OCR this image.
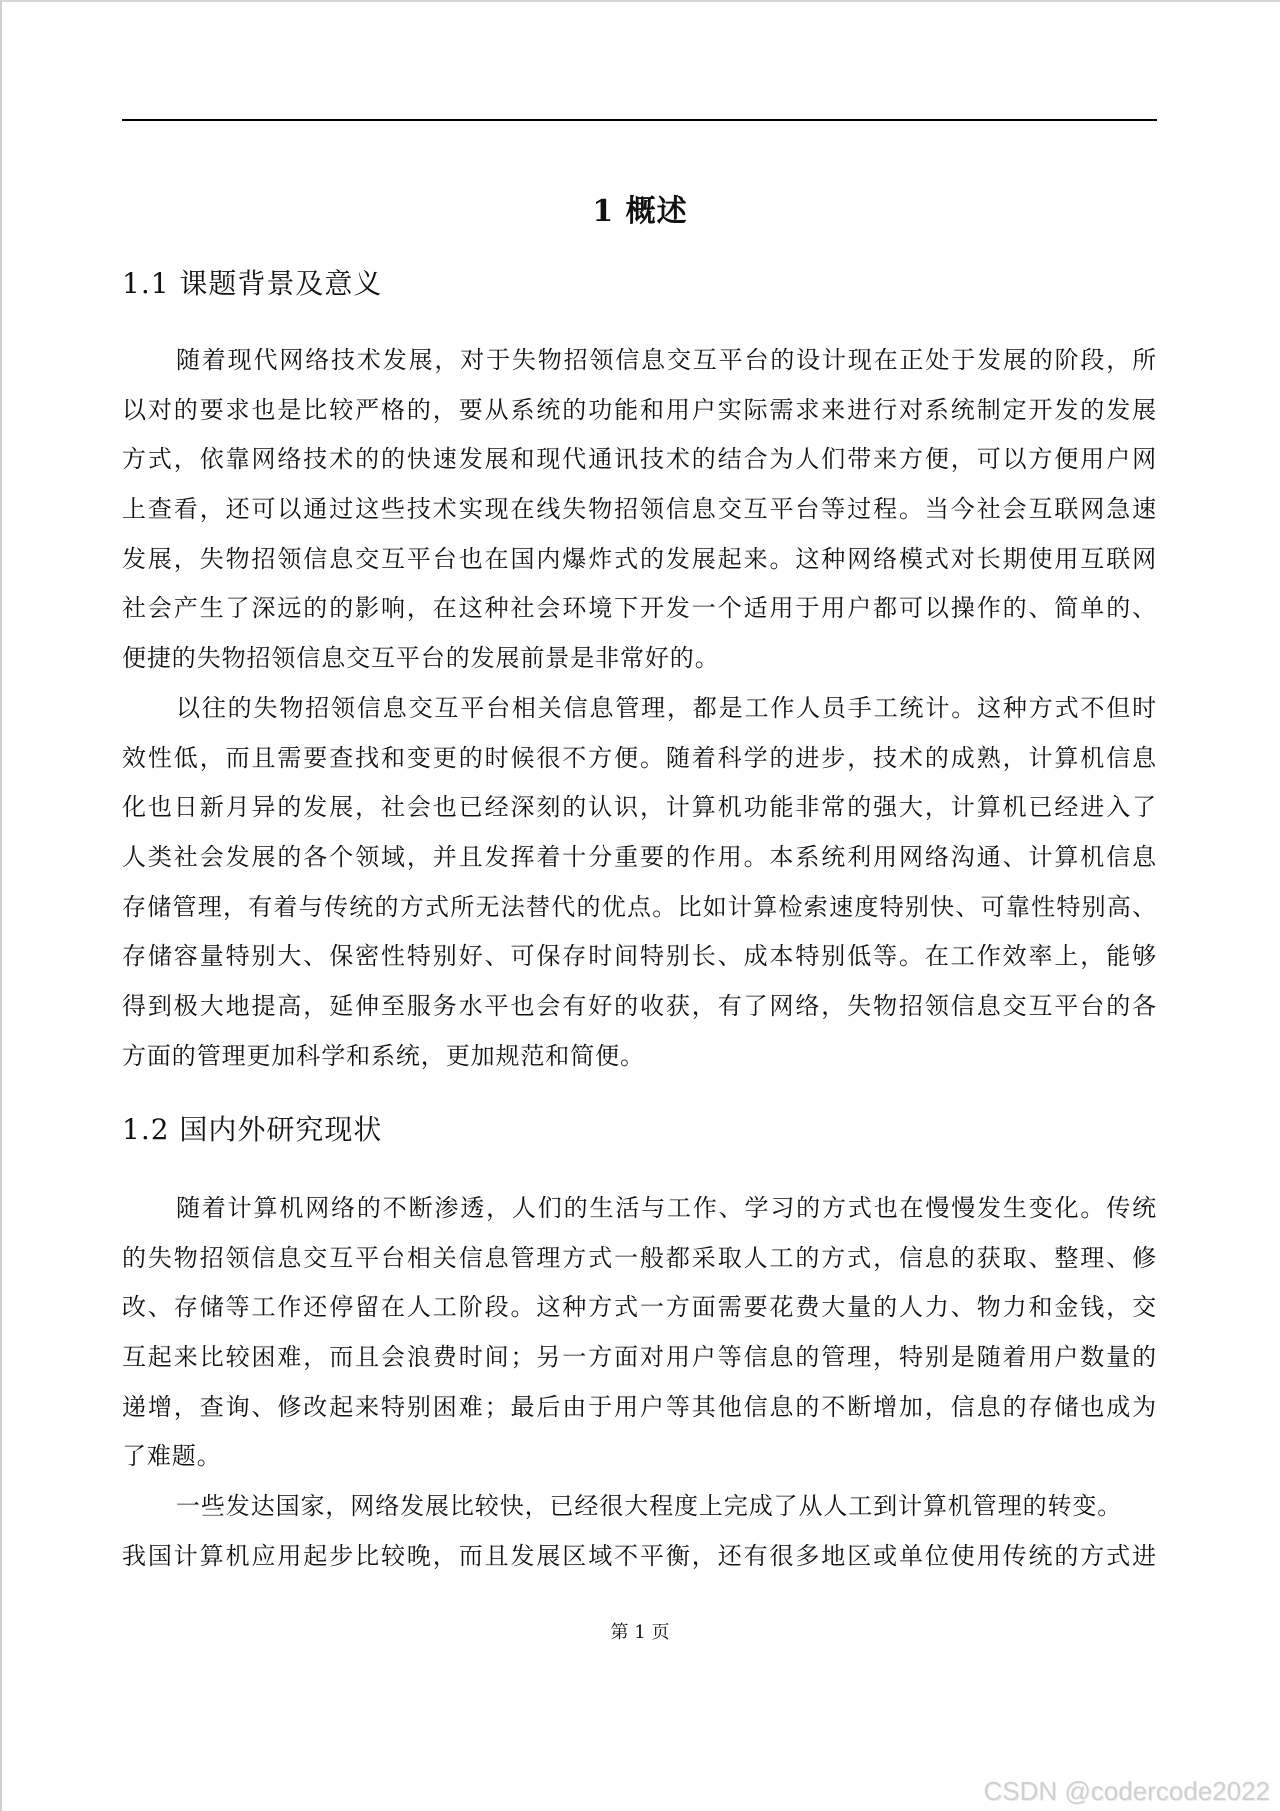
1 概述
1.1 课题背景及意义
随着现代网络技术发展，对于失物招领信息交互平台的设计现在正处于发展的阶段，所
以对的要求也是比较严格的，要从系统的功能和用户实际需求来进行对系统制定开发的发展
方式，依靠网络技术的的快速发展和现代通讯技术的结合为人们带来方便，可以方便用户网
上查看，还可以通过这些技术实现在线失物招领信息交互平台等过程。当今社会互联网急速
发展，失物招领信息交互平台也在国内爆炸式的发展起来。这种网络模式对长期使用互联网
社会产生了深远的的影响，在这种社会环境下开发一个适用于用户都可以操作的、简单的、
便捷的失物招领信息交互平台的发展前景是非常好的。
以往的失物招领信息交互平台相关信息管理，都是工作人员手工统计。这种方式不但时
效性低，而且需要查找和变更的时候很不方便。随着科学的进步，技术的成熟，计算机信息
化也日新月异的发展，社会也已经深刻的认识，计算机功能非常的强大，计算机已经进入了
人类社会发展的各个领域，并且发挥着十分重要的作用。本系统利用网络沟通、计算机信息
存储管理，有着与传统的方式所无法替代的优点。比如计算检索速度特别快、可靠性特别高、
存储容量特别大、保密性特别好、可保存时间特别长、成本特别低等。在工作效率上，能够
得到极大地提高，延伸至服务水平也会有好的收获，有了网络，失物招领信息交互平台的各
方面的管理更加科学和系统，更加规范和简便。
1.2 国内外研究现状
随着计算机网络的不断渗透，人们的生活与工作、学习的方式也在慢慢发生变化。传统
的失物招领信息交互平台相关信息管理方式一般都采取人工的方式，信息的获取、整理、修
改、存储等工作还停留在人工阶段。这种方式一方面需要花费大量的人力、物力和金钱，交
互起来比较困难，而且会浪费时间；另一方面对用户等信息的管理，特别是随着用户数量的
递增，查询、修改起来特别困难；最后由于用户等其他信息的不断增加，信息的存储也成为
了难题。
一些发达国家，网络发展比较快，已经很大程度上完成了从人工到计算机管理的转变。
我国计算机应用起步比较晚，而且发展区域不平衡，还有很多地区或单位使用传统的方式进
第 1 页
CSDN @codercode2022
